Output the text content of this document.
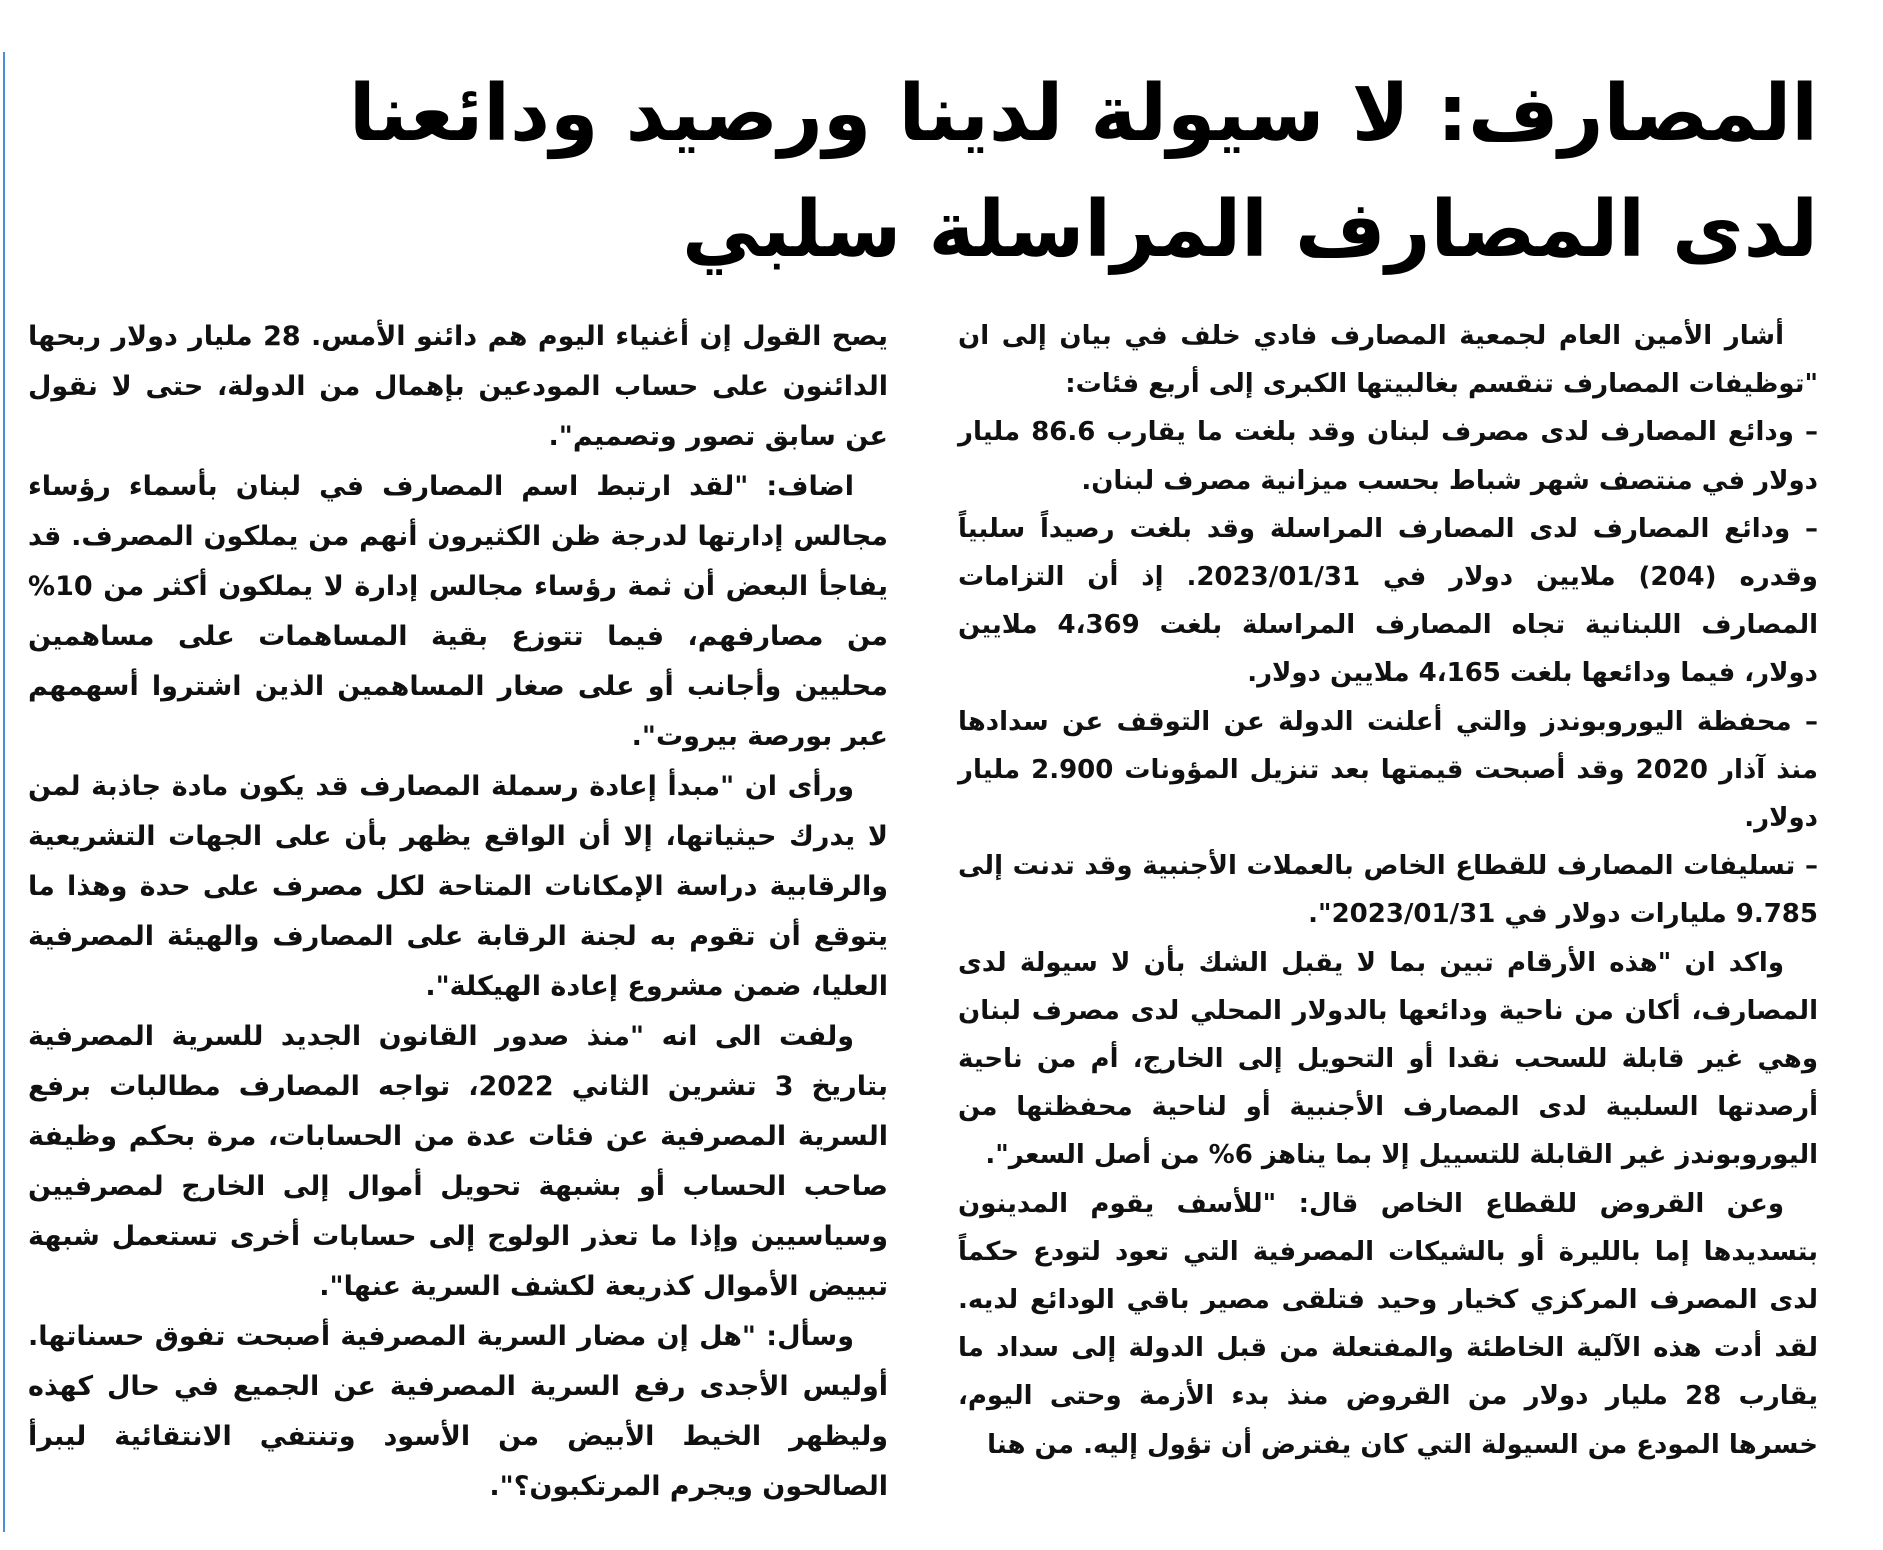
المصارف: لا سيولة لدينا ورصيد ودائعنا
لدى المصارف المراسلة سلبي

أشار الأمين العام لجمعية المصارف فادي خلف في بيان إلى ان "توظيفات المصارف تنقسم بغالبيتها الكبرى إلى أربع فئات:

– ودائع المصارف لدى مصرف لبنان وقد بلغت ما يقارب 86.6 مليار دولار في منتصف شهر شباط بحسب ميزانية مصرف لبنان.

– ودائع المصارف لدى المصارف المراسلة وقد بلغت رصيداً سلبياً وقدره (204) ملايين دولار في 2023/01/31. إذ أن التزامات المصارف اللبنانية تجاه المصارف المراسلة بلغت 4،369 ملايين دولار، فيما ودائعها بلغت 4،165 ملايين دولار.

– محفظة اليوروبوندز والتي أعلنت الدولة عن التوقف عن سدادها منذ آذار 2020 وقد أصبحت قيمتها بعد تنزيل المؤونات 2.900 مليار دولار.

– تسليفات المصارف للقطاع الخاص بالعملات الأجنبية وقد تدنت إلى 9.785 مليارات دولار في 2023/01/31".

واكد ان "هذه الأرقام تبين بما لا يقبل الشك بأن لا سيولة لدى المصارف، أكان من ناحية ودائعها بالدولار المحلي لدى مصرف لبنان وهي غير قابلة للسحب نقدا أو التحويل إلى الخارج، أم من ناحية أرصدتها السلبية لدى المصارف الأجنبية أو لناحية محفظتها من اليوروبوندز غير القابلة للتسييل إلا بما يناهز 6% من أصل السعر".

وعن القروض للقطاع الخاص قال: "للأسف يقوم المدينون بتسديدها إما بالليرة أو بالشيكات المصرفية التي تعود لتودع حكماً لدى المصرف المركزي كخيار وحيد فتلقى مصير باقي الودائع لديه. لقد أدت هذه الآلية الخاطئة والمفتعلة من قبل الدولة إلى سداد ما يقارب 28 مليار دولار من القروض منذ بدء الأزمة وحتى اليوم، خسرها المودع من السيولة التي كان يفترض أن تؤول إليه. من هنا

يصح القول إن أغنياء اليوم هم دائنو الأمس. 28 مليار دولار ربحها الدائنون على حساب المودعين بإهمال من الدولة، حتى لا نقول عن سابق تصور وتصميم".

اضاف: "لقد ارتبط اسم المصارف في لبنان بأسماء رؤساء مجالس إدارتها لدرجة ظن الكثيرون أنهم من يملكون المصرف. قد يفاجأ البعض أن ثمة رؤساء مجالس إدارة لا يملكون أكثر من 10% من مصارفهم، فيما تتوزع بقية المساهمات على مساهمين محليين وأجانب أو على صغار المساهمين الذين اشتروا أسهمهم عبر بورصة بيروت".

ورأى ان "مبدأ إعادة رسملة المصارف قد يكون مادة جاذبة لمن لا يدرك حيثياتها، إلا أن الواقع يظهر بأن على الجهات التشريعية والرقابية دراسة الإمكانات المتاحة لكل مصرف على حدة وهذا ما يتوقع أن تقوم به لجنة الرقابة على المصارف والهيئة المصرفية العليا، ضمن مشروع إعادة الهيكلة".

ولفت الى انه "منذ صدور القانون الجديد للسرية المصرفية بتاريخ 3 تشرين الثاني 2022، تواجه المصارف مطالبات برفع السرية المصرفية عن فئات عدة من الحسابات، مرة بحكم وظيفة صاحب الحساب أو بشبهة تحويل أموال إلى الخارج لمصرفيين وسياسيين وإذا ما تعذر الولوج إلى حسابات أخرى تستعمل شبهة تبييض الأموال كذريعة لكشف السرية عنها".

وسأل: "هل إن مضار السرية المصرفية أصبحت تفوق حسناتها. أوليس الأجدى رفع السرية المصرفية عن الجميع في حال كهذه وليظهر الخيط الأبيض من الأسود وتنتفي الانتقائية ليبرأ الصالحون ويجرم المرتكبون؟".
